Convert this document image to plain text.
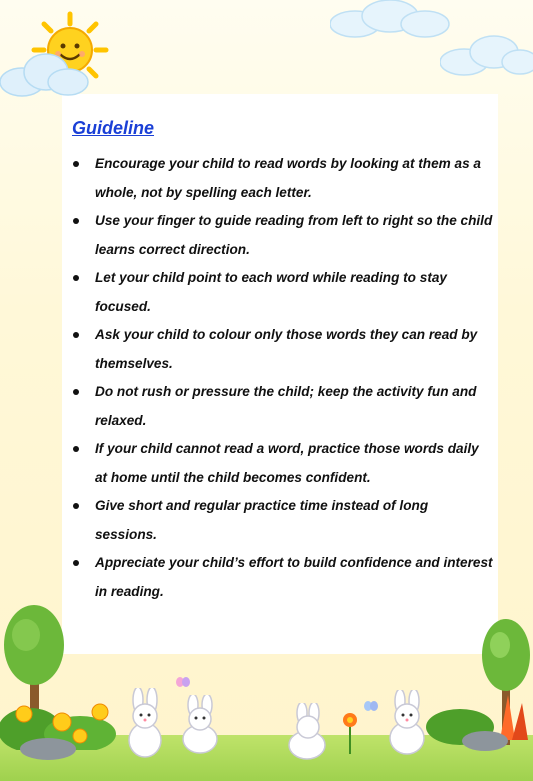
Guideline
Encourage your child to read words by looking at them as a whole, not by spelling each letter.
Use your finger to guide reading from left to right so the child learns correct direction.
Let your child point to each word while reading to stay focused.
Ask your child to colour only those words they can read by themselves.
Do not rush or pressure the child; keep the activity fun and relaxed.
If your child cannot read a word, practice those words daily at home until the child becomes confident.
Give short and regular practice time instead of long sessions.
Appreciate your child’s effort to build confidence and interest in reading.
